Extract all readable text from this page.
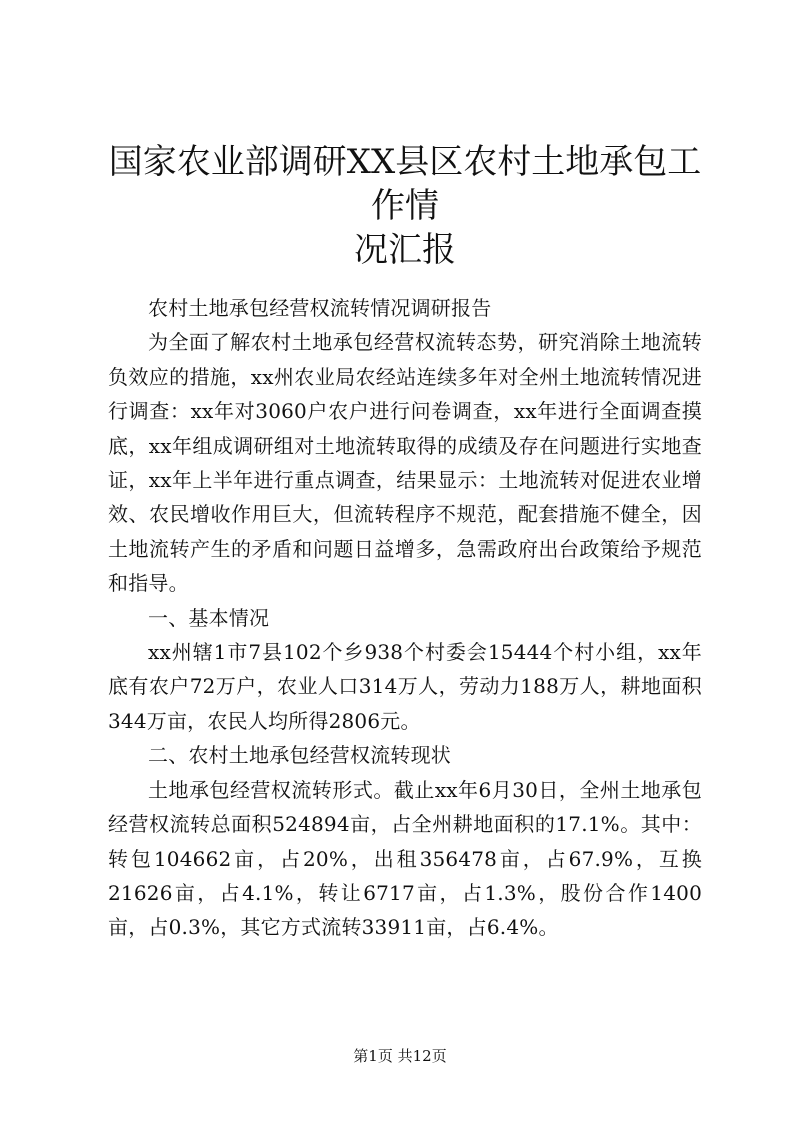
国家农业部调研XX县区农村土地承包工作情
况汇报

农村土地承包经营权流转情况调研报告

为全面了解农村土地承包经营权流转态势，研究消除土地流转负效应的措施，xx州农业局农经站连续多年对全州土地流转情况进行调查：xx年对3060户农户进行问卷调查，xx年进行全面调查摸底，xx年组成调研组对土地流转取得的成绩及存在问题进行实地查证，xx年上半年进行重点调查，结果显示：土地流转对促进农业增效、农民增收作用巨大，但流转程序不规范，配套措施不健全，因土地流转产生的矛盾和问题日益增多，急需政府出台政策给予规范和指导。

一、基本情况

xx州辖1市7县102个乡938个村委会15444个村小组，xx年底有农户72万户，农业人口314万人，劳动力188万人，耕地面积344万亩，农民人均所得2806元。

二、农村土地承包经营权流转现状

土地承包经营权流转形式。截止xx年6月30日，全州土地承包经营权流转总面积524894亩，占全州耕地面积的17.1%。其中：转包104662亩，占20%，出租356478亩，占67.9%，互换21626亩，占4.1%，转让6717亩，占1.3%，股份合作1400亩，占0.3%，其它方式流转33911亩，占6.4%。

第1页 共12页
